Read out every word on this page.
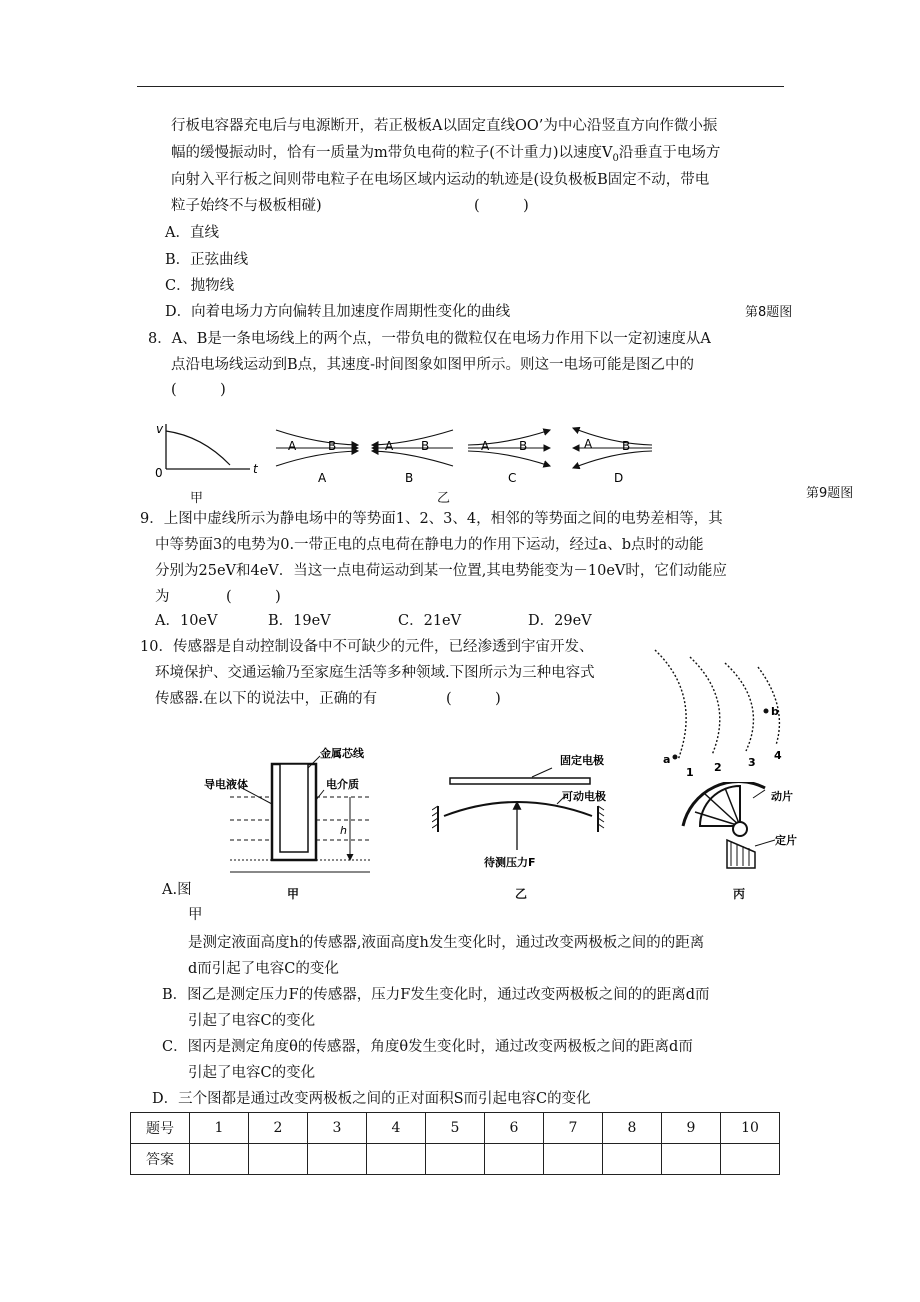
行板电容器充电后与电源断开，若正极板A以固定直线OO’为中心沿竖直方向作微小振
幅的缓慢振动时，恰有一质量为m带负电荷的粒子(不计重力)以速度$V_0$沿垂直于电场方
向射入平行板之间则带电粒子在电场区域内运动的轨迹是(设负极板B固定不动，带电
粒子始终不与极板相碰)	(　　　)
A．直线
B．正弦曲线
C．抛物线
D．向着电场力方向偏转且加速度作周期性变化的曲线	第8题图
8．A、B是一条电场线上的两个点，一带负电的微粒仅在电场力作用下以一定初速度从A
点沿电场线运动到B点，其速度-时间图象如图甲所示。则这一电场可能是图乙中的
(　　　)
v
t
0
甲
A	B
A
A B
B
A B
C
A B
D
乙	第9题图
9．上图中虚线所示为静电场中的等势面1、2、3、4，相邻的等势面之间的电势差相等，其
中等势面3的电势为0.一带正电的点电荷在静电力的作用下运动，经过a、b点时的动能
分别为25eV和4eV．当这一点电荷运动到某一位置,其电势能变为－10eV时，它们动能应
为	(　　　)
A．10eV	B．19eV	C．21eV	D．29eV
10．传感器是自动控制设备中不可缺少的元件，已经渗透到宇宙开发、
环境保护、交通运输乃至家庭生活等多种领域.下图所示为三种电容式
传感器.在以下的说法中，正确的有	(　　　)
a
b
1 2 3
4
金属芯线
导电液体	电介质
h
甲
固定电极
可动电极
待测压力F
乙
动片
定片
丙
A.图
甲
是测定液面高度h的传感器,液面高度h发生变化时，通过改变两极板之间的的距离
d而引起了电容C的变化
B．图乙是测定压力F的传感器，压力F发生变化时，通过改变两极板之间的的距离d而
引起了电容C的变化
C．图丙是测定角度θ的传感器，角度θ发生变化时，通过改变两极板之间的距离d而
引起了电容C的变化
D．三个图都是通过改变两极板之间的正对面积S而引起电容C的变化
题号	1	2	3	4	5	6	7	8	9	10
答案										
